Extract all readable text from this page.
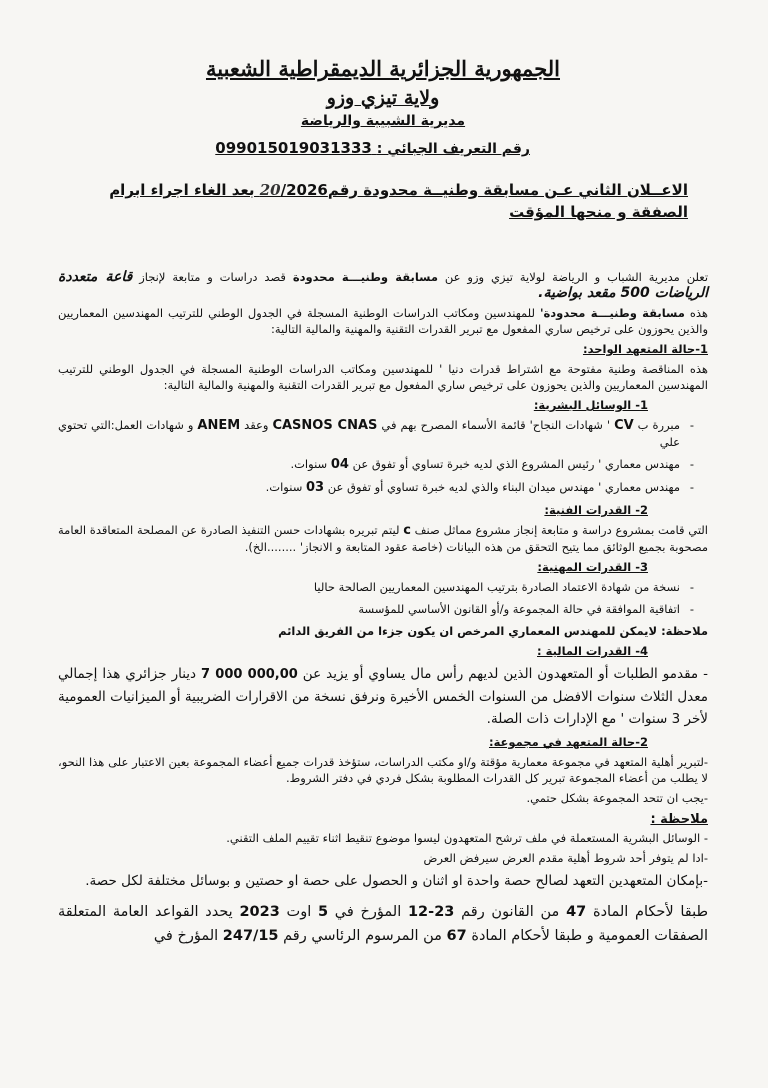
الجمهورية الجزائرية الديمقراطية الشعبية
ولاية تيزي وزو
مديرية الشبيبة والرياضة
رقم التعريف الجبائي : 099015019031333
الاعــلان الثاني عـن مسابقة وطنيــة محدودة رقم20/2026 بعد الغاء اجراء ابرام
الصفقة و منحها المؤقت

تعلن مديرية الشباب و الرياضة لولاية تيزي وزو عن مسابقة وطنيـــة محدودة قصد دراسات و متابعة لإنجاز قاعة متعددة الرياضات 500 مقعد بواضية.

هذه مسابقة وطنيـــة محدودة' للمهندسين ومكاتب الدراسات الوطنية المسجلة في الجدول الوطني للترتيب المهندسين المعماريين والذين يحوزون على ترخيص ساري المفعول مع تبرير القدرات التقنية والمهنية والمالية التالية:

1-حالة المتعهد الواحد:

هذه المناقصة وطنية مفتوحة مع اشتراط قدرات دنيا ' للمهندسين ومكاتب الدراسات الوطنية المسجلة في الجدول الوطني للترتيب المهندسين المعماريين والذين يحوزون على ترخيص ساري المفعول مع تبرير القدرات التقنية والمهنية والمالية التالية:

1- الوسائل البشرية:
- مبررة ب CV ' شهادات النجاح' قائمة الأسماء المصرح بهم في CASNOS CNAS وعقد ANEM و شهادات العمل:التي تحتوي علي
- مهندس معماري ' رئيس المشروع الذي لديه خبرة تساوي أو تفوق عن 04 سنوات.
- مهندس معماري ' مهندس ميدان البناء والذي لديه خبرة تساوي أو تفوق عن 03 سنوات.
2- القدرات الفنية:

التي قامت بمشروع دراسة و متابعة إنجاز مشروع مماثل صنف c ليتم تبريره بشهادات حسن التنفيذ الصادرة عن المصلحة المتعاقدة العامة مصحوبة بجميع الوثائق مما يتيح التحقق من هذه البيانات (خاصة عقود المتابعة و الانجاز' ........الخ).

3- القدرات المهنية:
- نسخة من شهادة الاعتماد الصادرة بترتيب المهندسين المعماريين الصالحة حاليا
- اتفاقية الموافقة في حالة المجموعة و/أو القانون الأساسي للمؤسسة

ملاحظة: لايمكن للمهندس المعماري المرخص ان يكون جزءا من الفريق الدائم

4- القدرات المالية :

- مقدمو الطلبات أو المتعهدون الذين لديهم رأس مال يساوي أو يزيد عن 7 000 000,00 دينار جزائري هذا إجمالي معدل الثلاث سنوات الافضل من السنوات الخمس الأخيرة ونرفق نسخة من الاقرارات الضريبية أو الميزانيات العمومية لأخر 3 سنوات ' مع الإدارات ذات الصلة.

2-حالة المتعهد في مجموعة:

-لتبرير أهلية المتعهد في مجموعة معمارية مؤقتة و/او مكتب الدراسات، ستؤخذ قدرات جميع أعضاء المجموعة بعين الاعتبار على هذا النحو، لا يطلب من أعضاء المجموعة تبرير كل القدرات المطلوبة بشكل فردي في دفتر الشروط.

-يجب ان تتحد المجموعة بشكل حتمي.

ملاحظة :

- الوسائل البشرية المستعملة في ملف ترشح المتعهدون ليسوا موضوع تنقيط اثناء تقييم الملف التقني.

-ادا لم يتوفر أحد شروط أهلية مقدم العرض سيرفض العرض

-بإمكان المتعهدين التعهد لصالح حصة واحدة او اثنان و الحصول على حصة او حصتين و بوسائل مختلفة لكل حصة.

طبقا لأحكام المادة 47 من القانون رقم 23-12 المؤرخ في 5 اوت 2023 يحدد القواعد العامة المتعلقة الصفقات العمومية و طبقا لأحكام المادة 67 من المرسوم الرئاسي رقم 247/15 المؤرخ في
